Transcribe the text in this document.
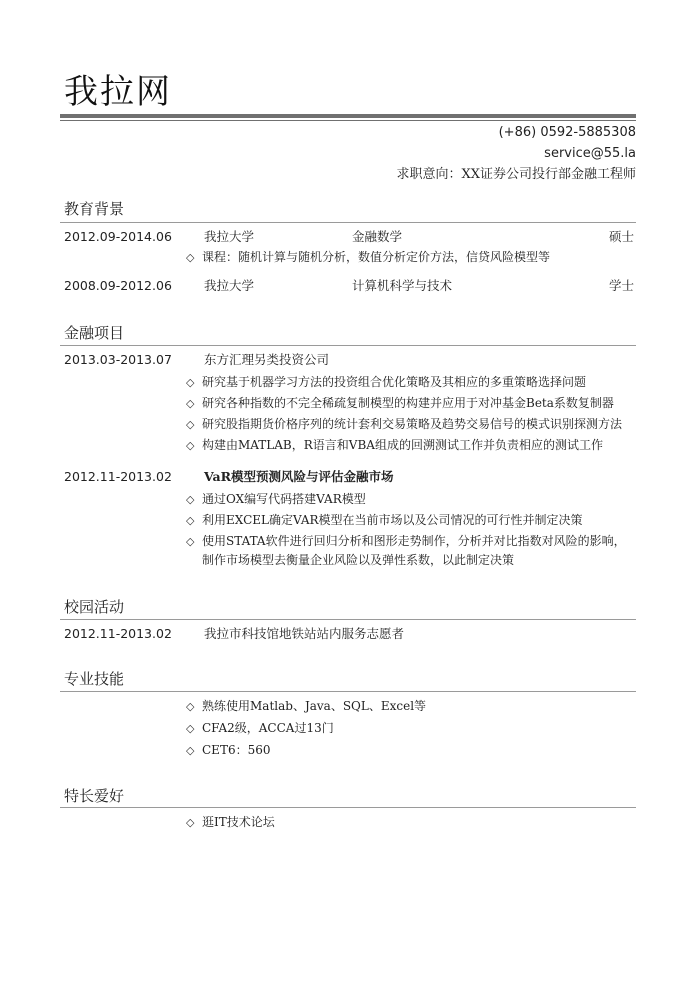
我拉网
(+86) 0592-5885308
service@55.la
求职意向：XX证券公司投行部金融工程师
教育背景
2012.09-2014.06	我拉大学	金融数学	硕士
◇ 课程：随机计算与随机分析，数值分析定价方法，信贷风险模型等
2008.09-2012.06	我拉大学	计算机科学与技术	学士
金融项目
2013.03-2013.07	东方汇理另类投资公司
◇ 研究基于机器学习方法的投资组合优化策略及其相应的多重策略选择问题
◇ 研究各种指数的不完全稀疏复制模型的构建并应用于对冲基金Beta系数复制器
◇ 研究股指期货价格序列的统计套利交易策略及趋势交易信号的模式识别探测方法
◇ 构建由MATLAB，R语言和VBA组成的回溯测试工作并负责相应的测试工作
2012.11-2013.02	VaR模型预测风险与评估金融市场
◇ 通过OX编写代码搭建VAR模型
◇ 利用EXCEL确定VAR模型在当前市场以及公司情况的可行性并制定决策
◇ 使用STATA软件进行回归分析和图形走势制作，分析并对比指数对风险的影响，
制作市场模型去衡量企业风险以及弹性系数，以此制定决策
校园活动
2012.11-2013.02	我拉市科技馆地铁站站内服务志愿者
专业技能
◇ 熟练使用Matlab、Java、SQL、Excel等
◇ CFA2级，ACCA过13门
◇ CET6：560
特长爱好
◇ 逛IT技术论坛
